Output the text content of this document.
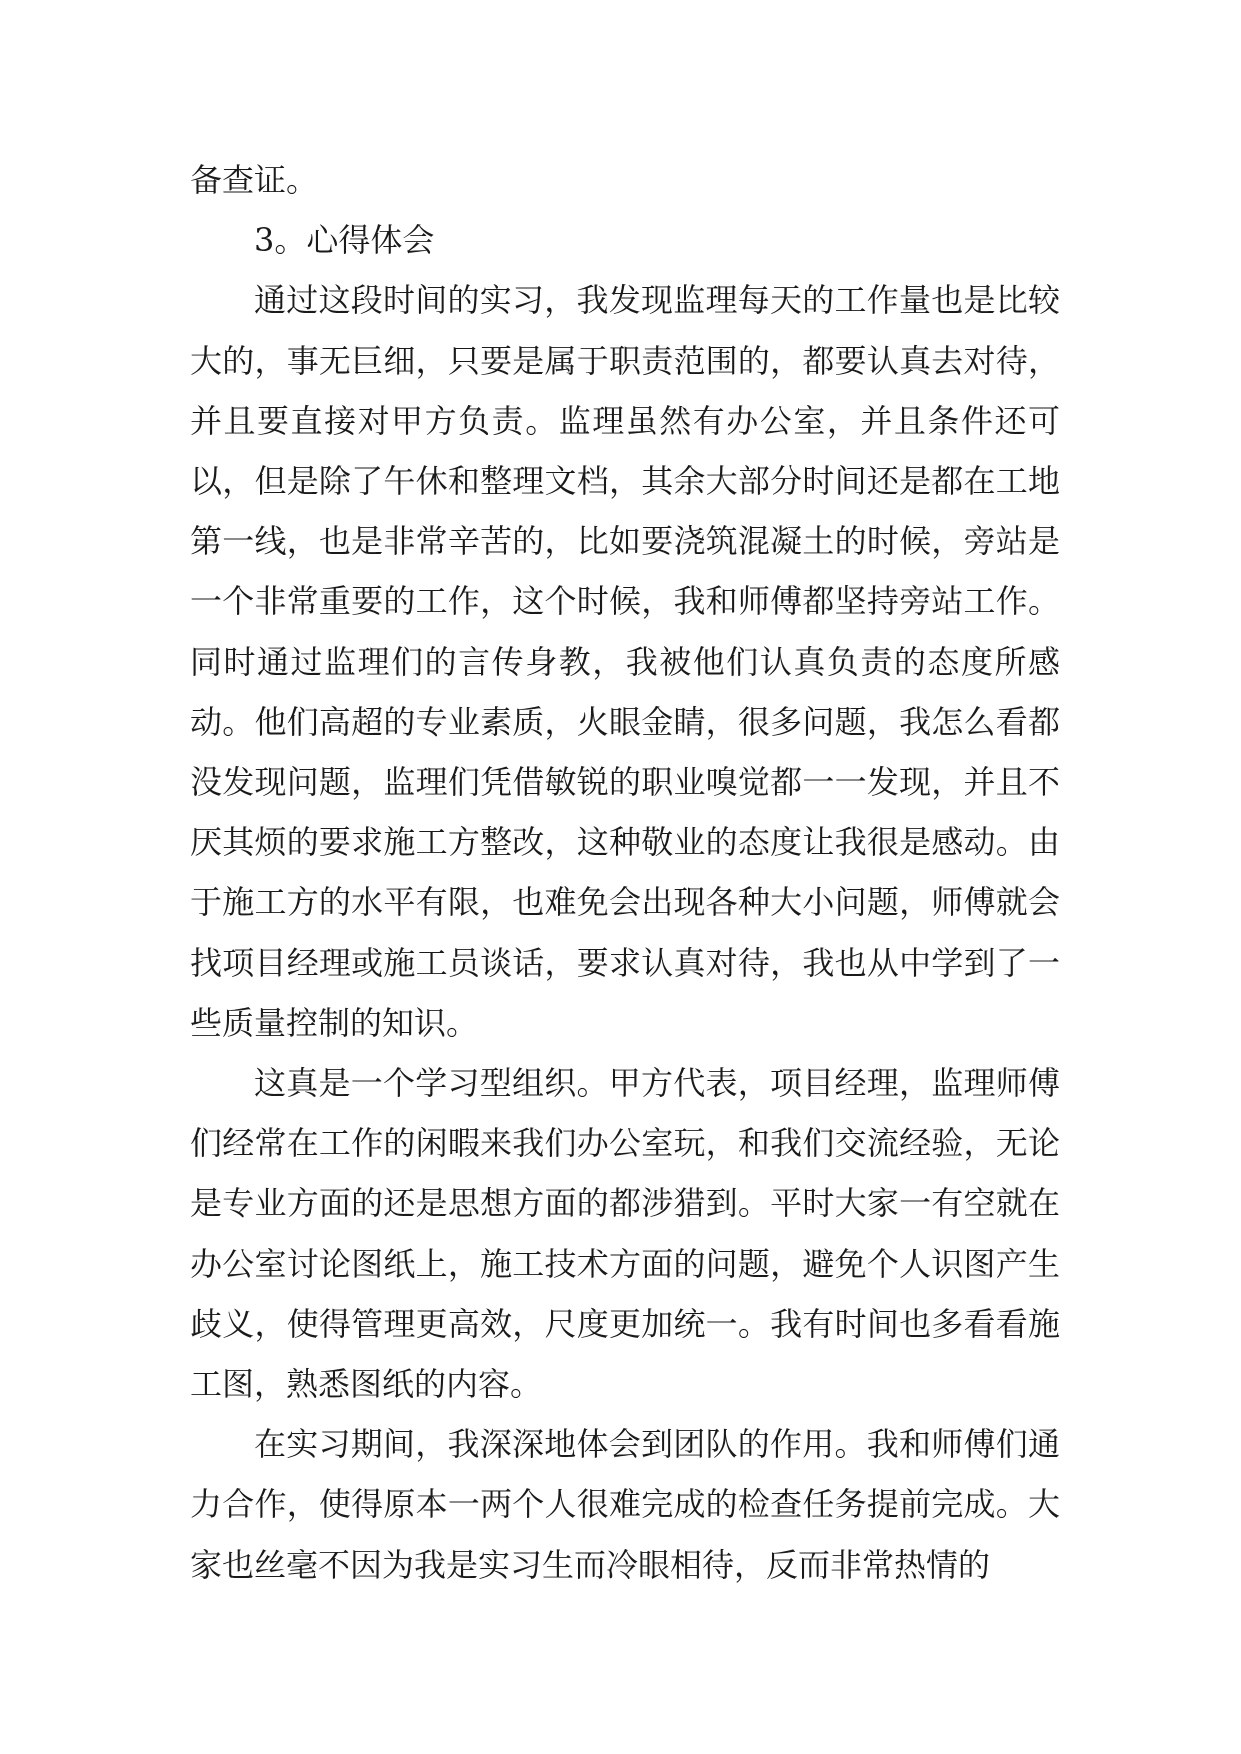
备查证。

3。心得体会

通过这段时间的实习，我发现监理每天的工作量也是比较大的，事无巨细，只要是属于职责范围的，都要认真去对待，并且要直接对甲方负责。监理虽然有办公室，并且条件还可以，但是除了午休和整理文档，其余大部分时间还是都在工地第一线，也是非常辛苦的，比如要浇筑混凝土的时候，旁站是一个非常重要的工作，这个时候，我和师傅都坚持旁站工作。同时通过监理们的言传身教，我被他们认真负责的态度所感动。他们高超的专业素质，火眼金睛，很多问题，我怎么看都没发现问题，监理们凭借敏锐的职业嗅觉都一一发现，并且不厌其烦的要求施工方整改，这种敬业的态度让我很是感动。由于施工方的水平有限，也难免会出现各种大小问题，师傅就会找项目经理或施工员谈话，要求认真对待，我也从中学到了一些质量控制的知识。

这真是一个学习型组织。甲方代表，项目经理，监理师傅们经常在工作的闲暇来我们办公室玩，和我们交流经验，无论是专业方面的还是思想方面的都涉猎到。平时大家一有空就在办公室讨论图纸上，施工技术方面的问题，避免个人识图产生歧义，使得管理更高效，尺度更加统一。我有时间也多看看施工图，熟悉图纸的内容。

在实习期间，我深深地体会到团队的作用。我和师傅们通力合作，使得原本一两个人很难完成的检查任务提前完成。大家也丝毫不因为我是实习生而冷眼相待，反而非常热情的
